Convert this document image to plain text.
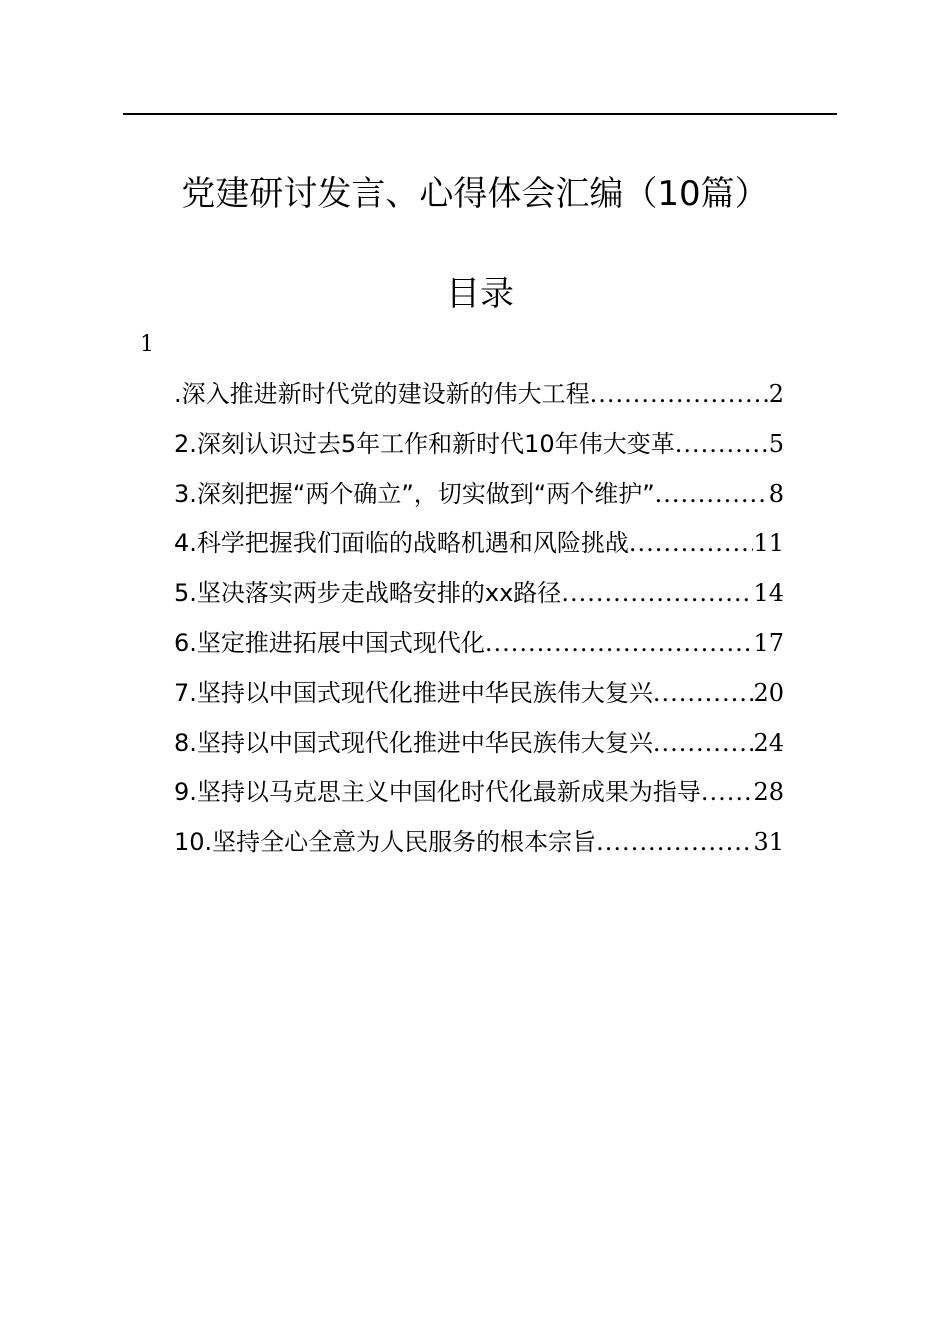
党建研讨发言、心得体会汇编（10篇）
目录
1
.深入推进新时代党的建设新的伟大工程 .....	2
2.深刻认识过去5年工作和新时代10年伟大变革 .....	5
3.深刻把握“两个确立”，切实做到“两个维护” .....	8
4.科学把握我们面临的战略机遇和风险挑战 .....	11
5.坚决落实两步走战略安排的xx路径 .....	14
6.坚定推进拓展中国式现代化 .....	17
7.坚持以中国式现代化推进中华民族伟大复兴 .....	20
8.坚持以中国式现代化推进中华民族伟大复兴 .....	24
9.坚持以马克思主义中国化时代化最新成果为指导 ..... 28
10.坚持全心全意为人民服务的根本宗旨 .....	31
